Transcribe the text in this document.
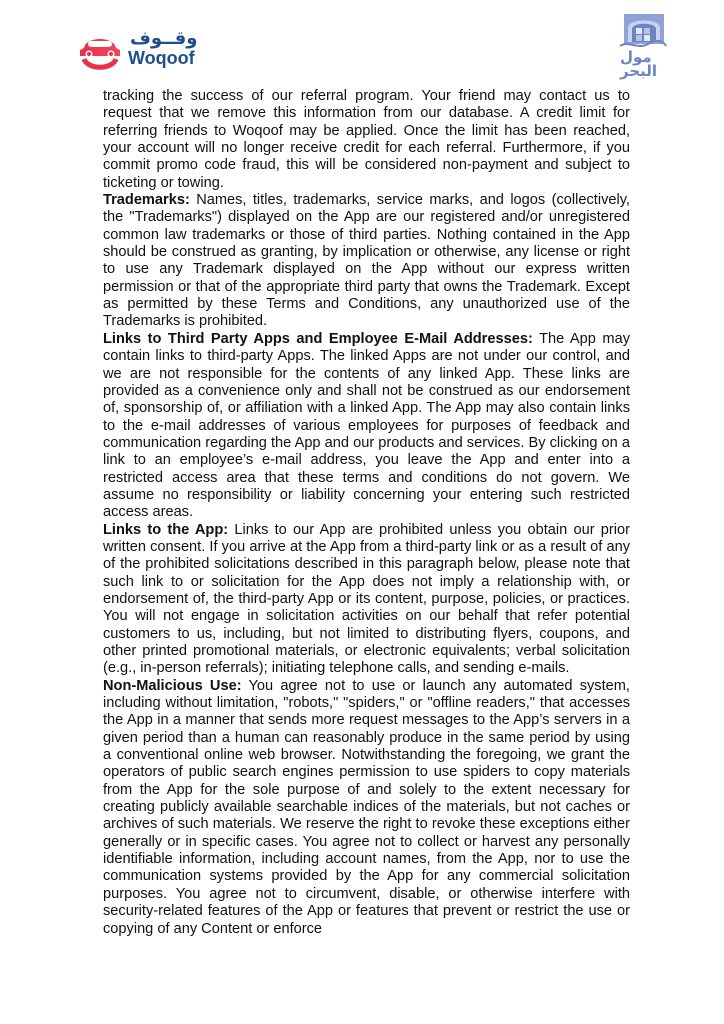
وقــوف
Woqoof	مول البحر

tracking the success of our referral program. Your friend may contact us to request that we remove this information from our database. A credit limit for referring friends to Woqoof may be applied. Once the limit has been reached, your account will no longer receive credit for each referral. Furthermore, if you commit promo code fraud, this will be considered non-payment and subject to ticketing or towing.

Trademarks: Names, titles, trademarks, service marks, and logos (collectively, the "Trademarks") displayed on the App are our registered and/or unregistered common law trademarks or those of third parties. Nothing contained in the App should be construed as granting, by implication or otherwise, any license or right to use any Trademark displayed on the App without our express written permission or that of the appropriate third party that owns the Trademark. Except as permitted by these Terms and Conditions, any unauthorized use of the Trademarks is prohibited.

Links to Third Party Apps and Employee E-Mail Addresses: The App may contain links to third-party Apps. The linked Apps are not under our control, and we are not responsible for the contents of any linked App. These links are provided as a convenience only and shall not be construed as our endorsement of, sponsorship of, or affiliation with a linked App. The App may also contain links to the e-mail addresses of various employees for purposes of feedback and communication regarding the App and our products and services. By clicking on a link to an employee’s e-mail address, you leave the App and enter into a restricted access area that these terms and conditions do not govern. We assume no responsibility or liability concerning your entering such restricted access areas.

Links to the App: Links to our App are prohibited unless you obtain our prior written consent. If you arrive at the App from a third-party link or as a result of any of the prohibited solicitations described in this paragraph below, please note that such link to or solicitation for the App does not imply a relationship with, or endorsement of, the third-party App or its content, purpose, policies, or practices. You will not engage in solicitation activities on our behalf that refer potential customers to us, including, but not limited to distributing flyers, coupons, and other printed promotional materials, or electronic equivalents; verbal solicitation (e.g., in-person referrals); initiating telephone calls, and sending e-mails.

Non-Malicious Use: You agree not to use or launch any automated system, including without limitation, "robots," "spiders," or "offline readers," that accesses the App in a manner that sends more request messages to the App’s servers in a given period than a human can reasonably produce in the same period by using a conventional online web browser. Notwithstanding the foregoing, we grant the operators of public search engines permission to use spiders to copy materials from the App for the sole purpose of and solely to the extent necessary for creating publicly available searchable indices of the materials, but not caches or archives of such materials. We reserve the right to revoke these exceptions either generally or in specific cases. You agree not to collect or harvest any personally identifiable information, including account names, from the App, nor to use the communication systems provided by the App for any commercial solicitation purposes. You agree not to circumvent, disable, or otherwise interfere with security-related features of the App or features that prevent or restrict the use or copying of any Content or enforce
